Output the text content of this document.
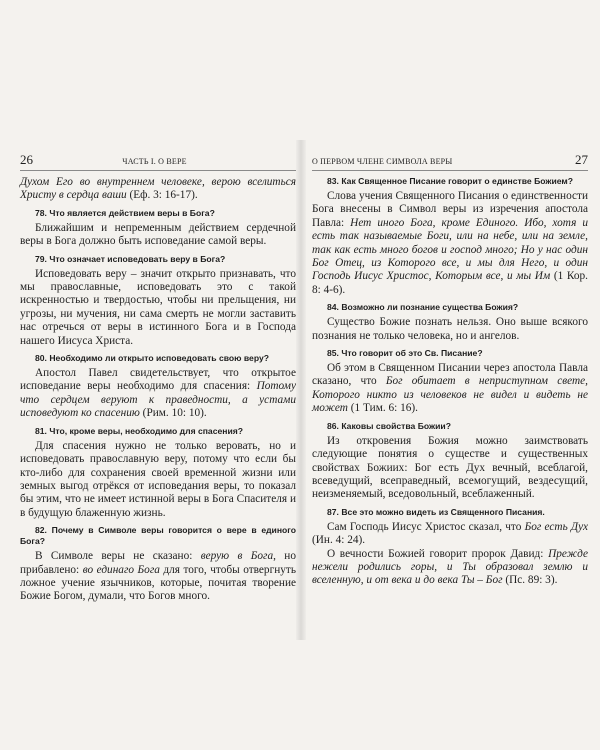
26	ЧАСТЬ I. О ВЕРЕ

Духом Его во внутреннем человеке, верою вселиться Христу в сердца ваши (Еф. 3: 16-17).

78. Что является действием веры в Бога?

Ближайшим и непременным действием сердечной веры в Бога должно быть исповедание самой веры.

79. Что означает исповедовать веру в Бога?

Исповедовать веру – значит открыто признавать, что мы православные, исповедовать это с такой искренностью и твердостью, чтобы ни прельщения, ни угрозы, ни мучения, ни сама смерть не могли заставить нас отречься от веры в истинного Бога и в Господа нашего Иисуса Христа.

80. Необходимо ли открыто исповедовать свою веру?

Апостол Павел свидетельствует, что открытое исповедание веры необходимо для спасения: Потому что сердцем веруют к праведности, а устами исповедуют ко спасению (Рим. 10: 10).

81. Что, кроме веры, необходимо для спасения?

Для спасения нужно не только веровать, но и исповедовать православную веру, потому что если бы кто-либо для сохранения своей временной жизни или земных выгод отрёкся от исповедания веры, то показал бы этим, что не имеет истинной веры в Бога Спасителя и в будущую блаженную жизнь.

82. Почему в Символе веры говорится о вере в единого Бога?

В Символе веры не сказано: верую в Бога, но прибавлено: во единаго Бога для того, чтобы отвергнуть ложное учение язычников, которые, почитая творение Божие Богом, думали, что Богов много.

О ПЕРВОМ ЧЛЕНЕ СИМВОЛА ВЕРЫ	27

83. Как Священное Писание говорит о единстве Божием?

Слова учения Священного Писания о единственности Бога внесены в Символ веры из изречения апостола Павла: Нет иного Бога, кроме Единого. Ибо, хотя и есть так называемые Боги, или на небе, или на земле, так как есть много богов и господ много; Но у нас один Бог Отец, из Которого все, и мы для Него, и один Господь Иисус Христос, Которым все, и мы Им (1 Кор. 8: 4-6).

84. Возможно ли познание существа Божия?

Существо Божие познать нельзя. Оно выше всякого познания не только человека, но и ангелов.

85. Что говорит об это Св. Писание?

Об этом в Священном Писании через апостола Павла сказано, что Бог обитает в неприступном свете, Которого никто из человеков не видел и видеть не может (1 Тим. 6: 16).

86. Каковы свойства Божии?

Из откровения Божия можно заимствовать следующие понятия о существе и существенных свойствах Божиих: Бог есть Дух вечный, всеблагой, всеведущий, всеправедный, всемогущий, вездесущий, неизменяемый, вседовольный, всеблаженный.

87. Все это можно видеть из Священного Писания.

Сам Господь Иисус Христос сказал, что Бог есть Дух (Ин. 4: 24).

О вечности Божией говорит пророк Давид: Прежде нежели родились горы, и Ты образовал землю и вселенную, и от века и до века Ты – Бог (Пс. 89: 3).
